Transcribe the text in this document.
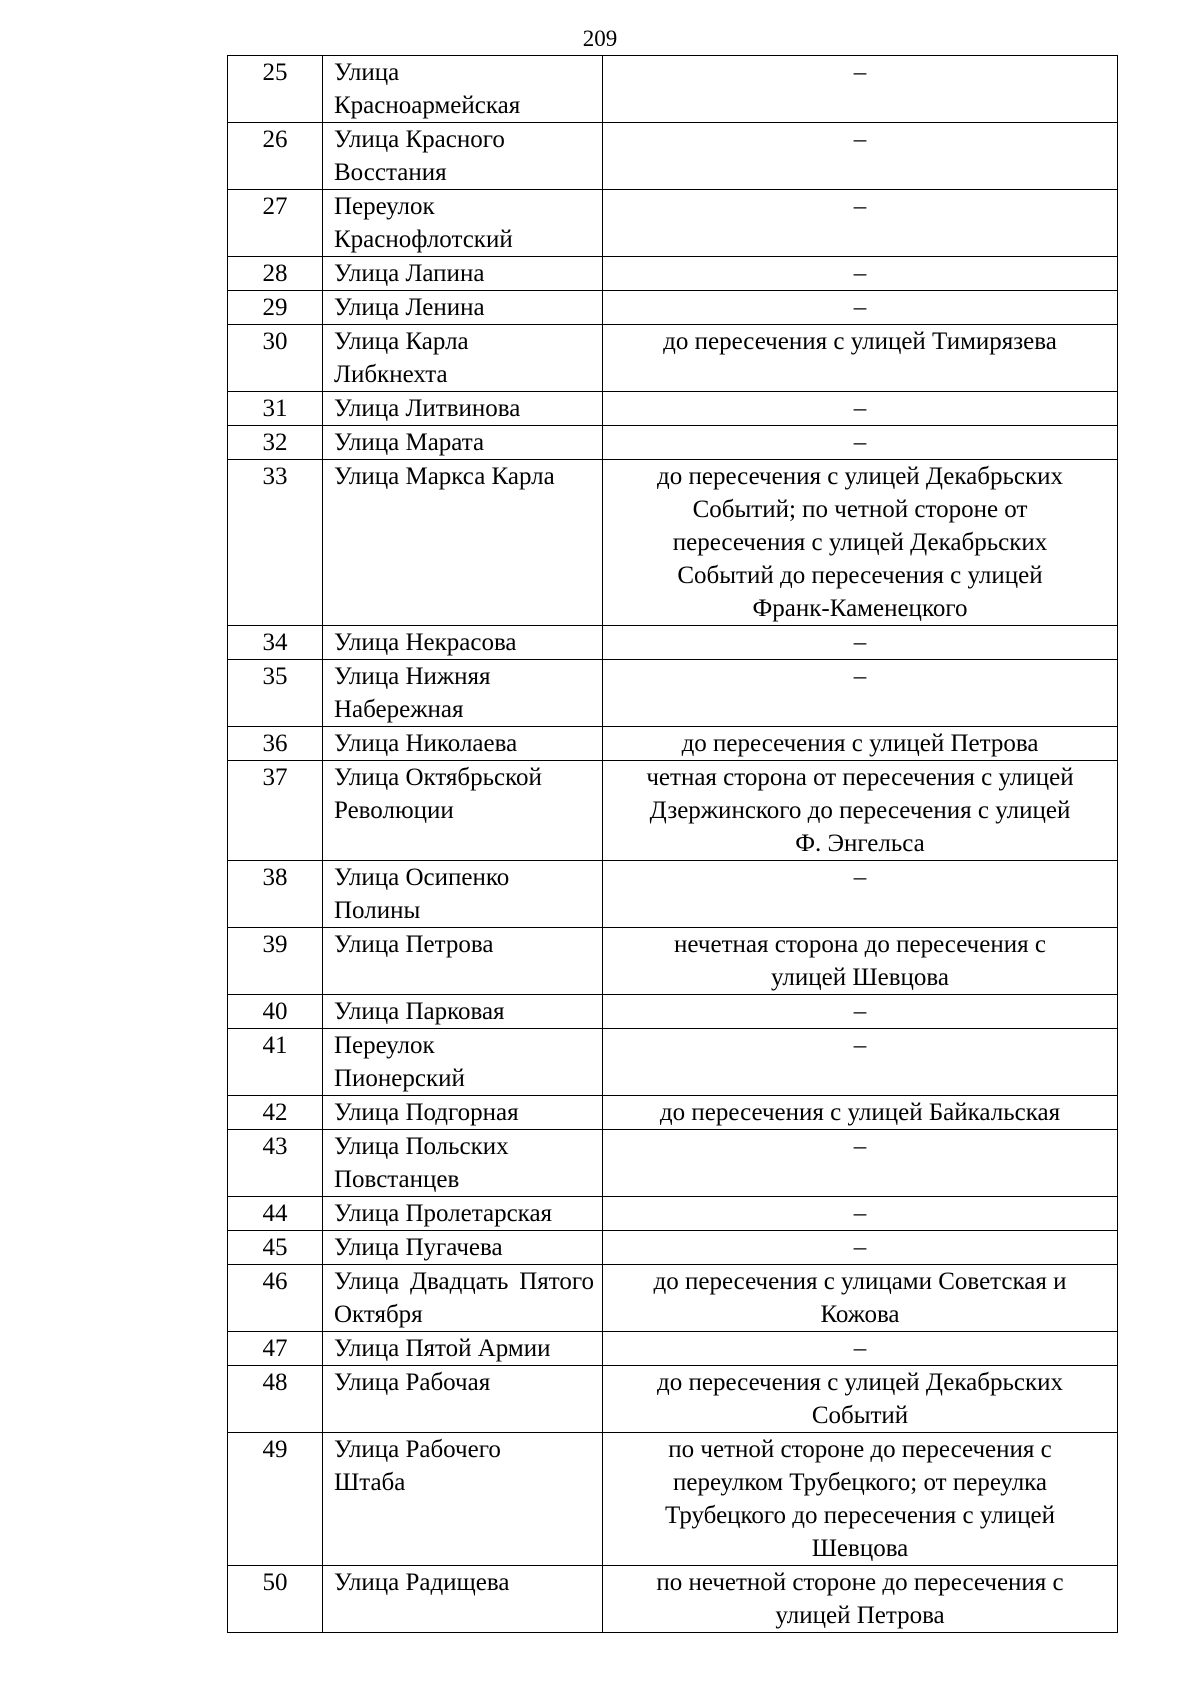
209
25	Улица
Красноармейская	–
26	Улица Красного
Восстания	–
27	Переулок
Краснофлотский	–
28	Улица Лапина	–
29	Улица Ленина	–
30	Улица Карла
Либкнехта	до пересечения с улицей Тимирязева
31	Улица Литвинова	–
32	Улица Марата	–
33	Улица Маркса Карла	до пересечения с улицей Декабрьских
Событий; по четной стороне от
пересечения с улицей Декабрьских
Событий до пересечения с улицей
Франк-Каменецкого
34	Улица Некрасова	–
35	Улица Нижняя
Набережная	–
36	Улица Николаева	до пересечения с улицей Петрова
37	Улица Октябрьской
Революции	четная сторона от пересечения с улицей
Дзержинского до пересечения с улицей
Ф. Энгельса
38	Улица Осипенко
Полины	–
39	Улица Петрова	нечетная сторона до пересечения с
улицей Шевцова
40	Улица Парковая	–
41	Переулок
Пионерский	–
42	Улица Подгорная	до пересечения с улицей Байкальская
43	Улица Польских
Повстанцев	–
44	Улица Пролетарская	–
45	Улица Пугачева	–
46	Улица Двадцать Пятого Октября	до пересечения с улицами Советская и
Кожова
47	Улица Пятой Армии	–
48	Улица Рабочая	до пересечения с улицей Декабрьских
Событий
49	Улица Рабочего
Штаба	по четной стороне до пересечения с
переулком Трубецкого; от переулка
Трубецкого до пересечения с улицей
Шевцова
50	Улица Радищева	по нечетной стороне до пересечения с
улицей Петрова
